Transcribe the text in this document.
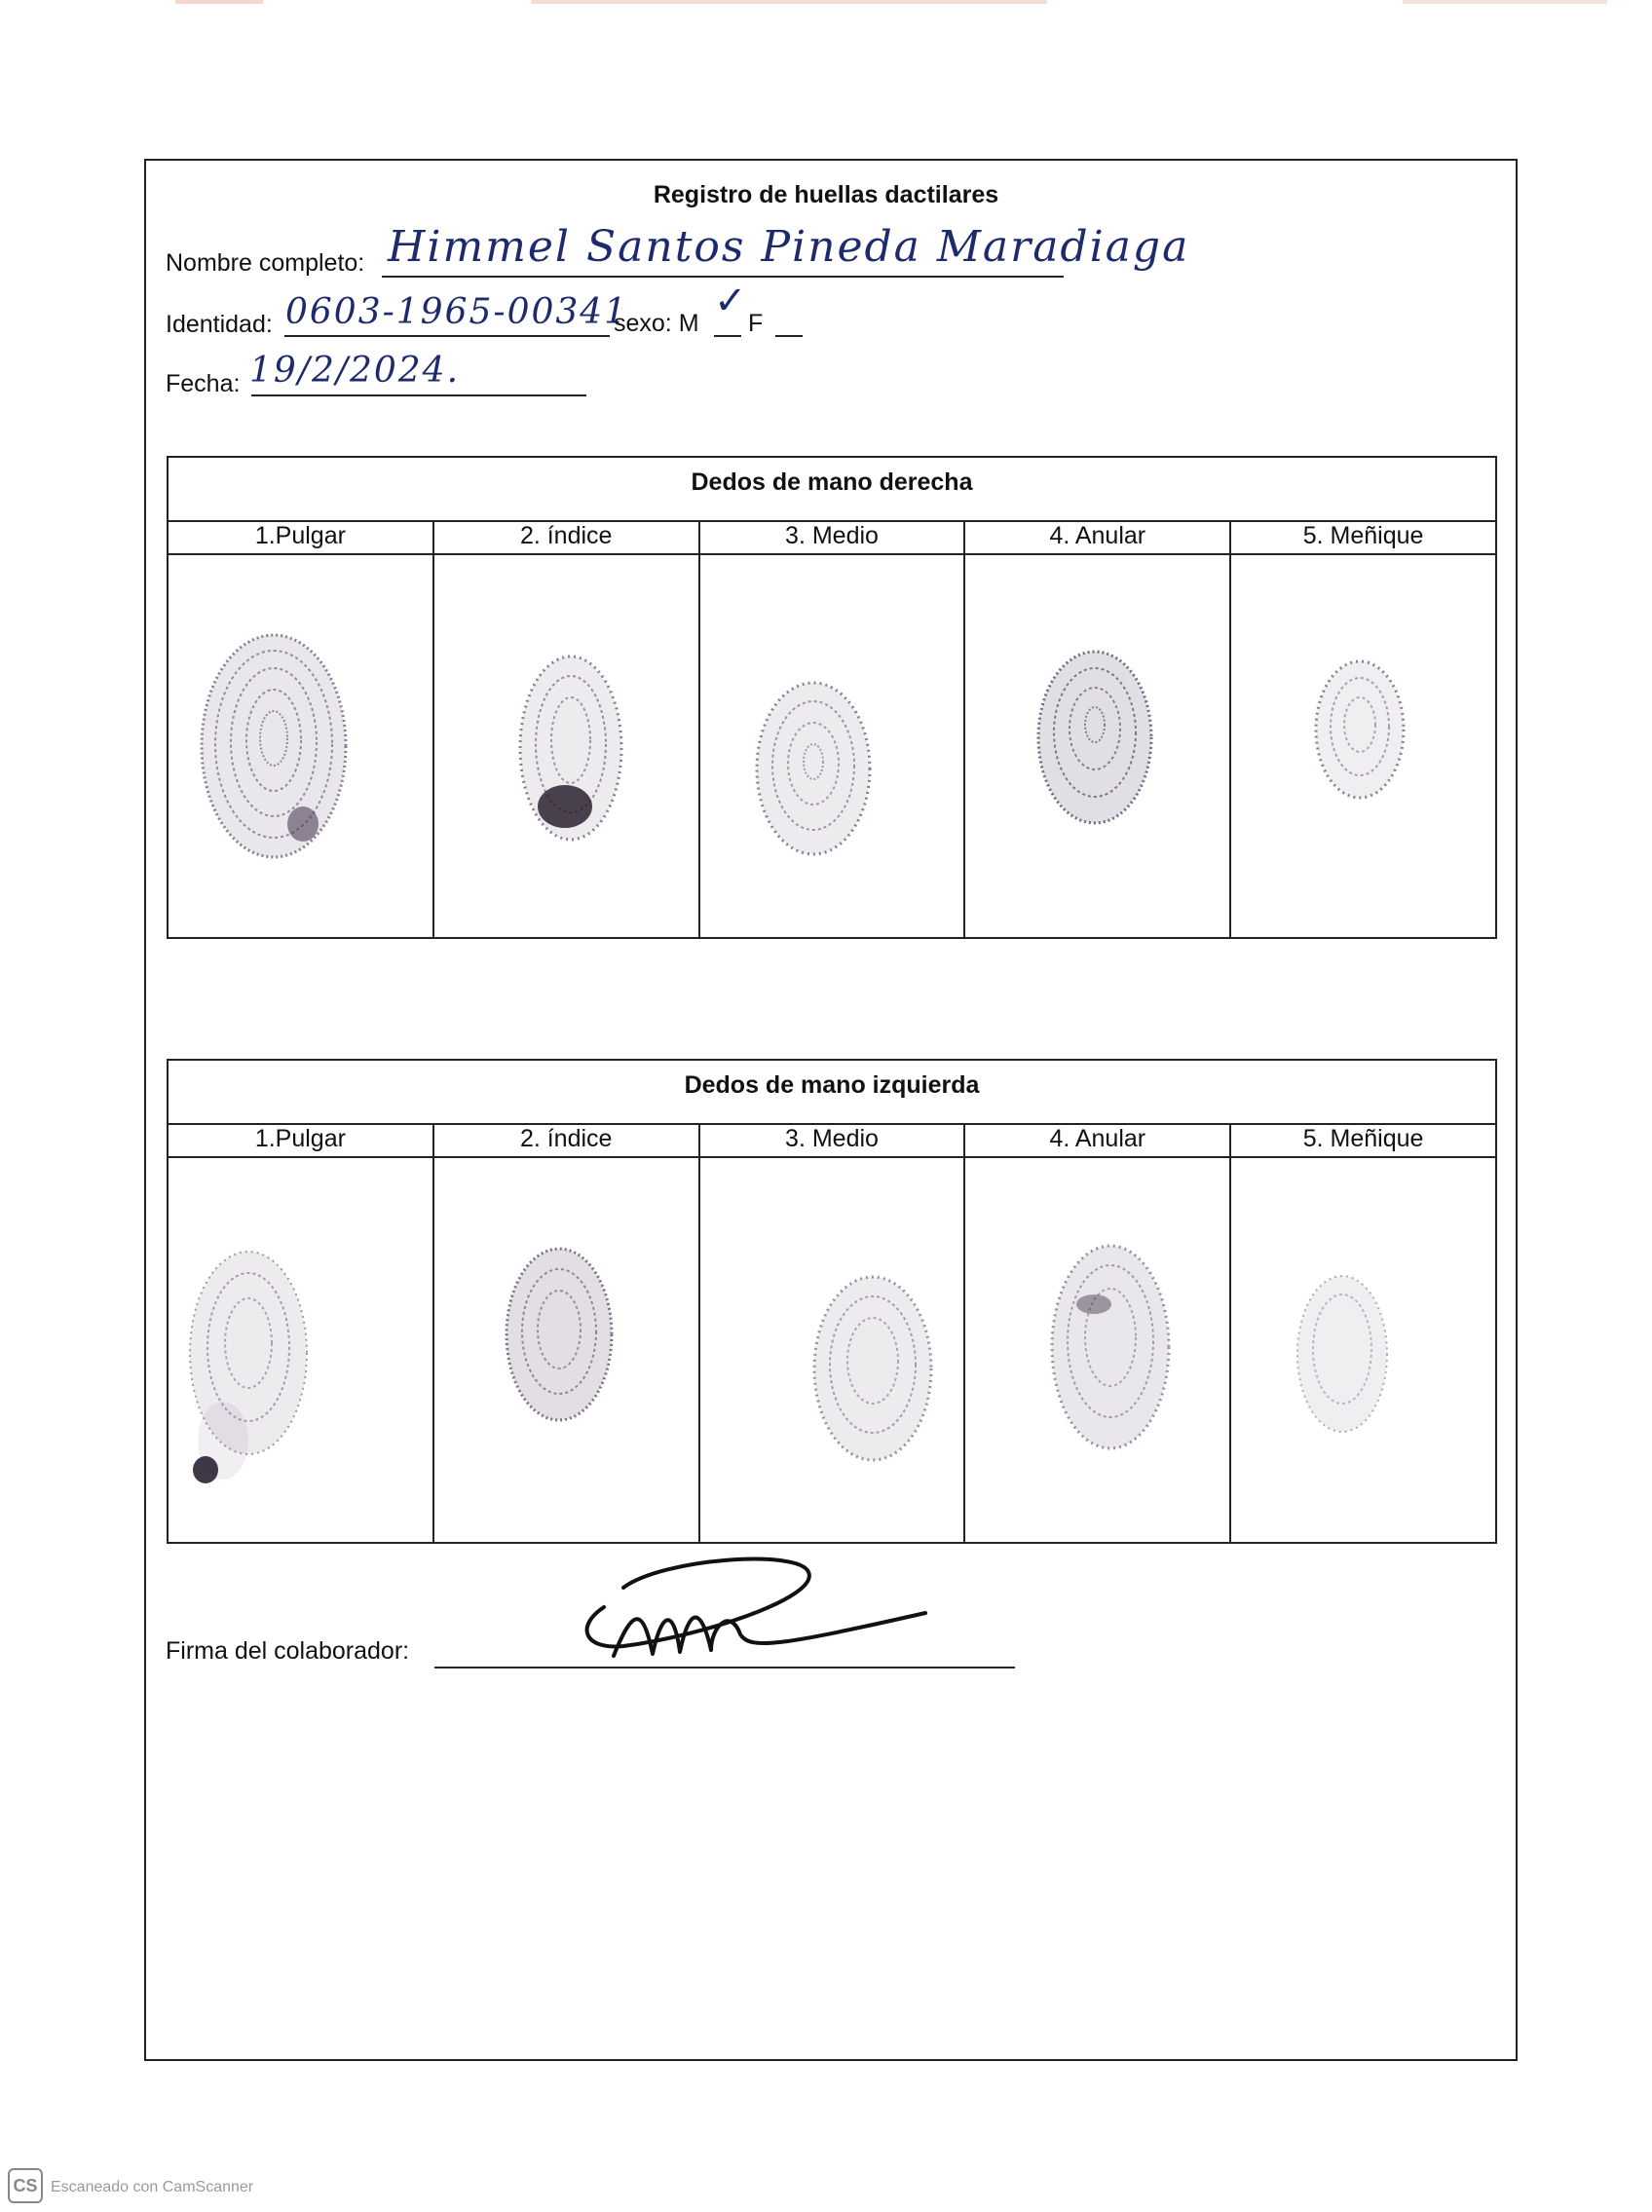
Registro de huellas dactilares
Nombre completo: Himmel Santos Pineda Maradiaga
Identidad: 0603-1965-00341
sexo: M ✓ F
Fecha: 19/2/2024.
Dedos de mano derecha
1.Pulgar	2. índice	3. Medio	4. Anular	5. Meñique
Dedos de mano izquierda
1.Pulgar	2. índice	3. Medio	4. Anular	5. Meñique
Firma del colaborador:
CS Escaneado con CamScanner
